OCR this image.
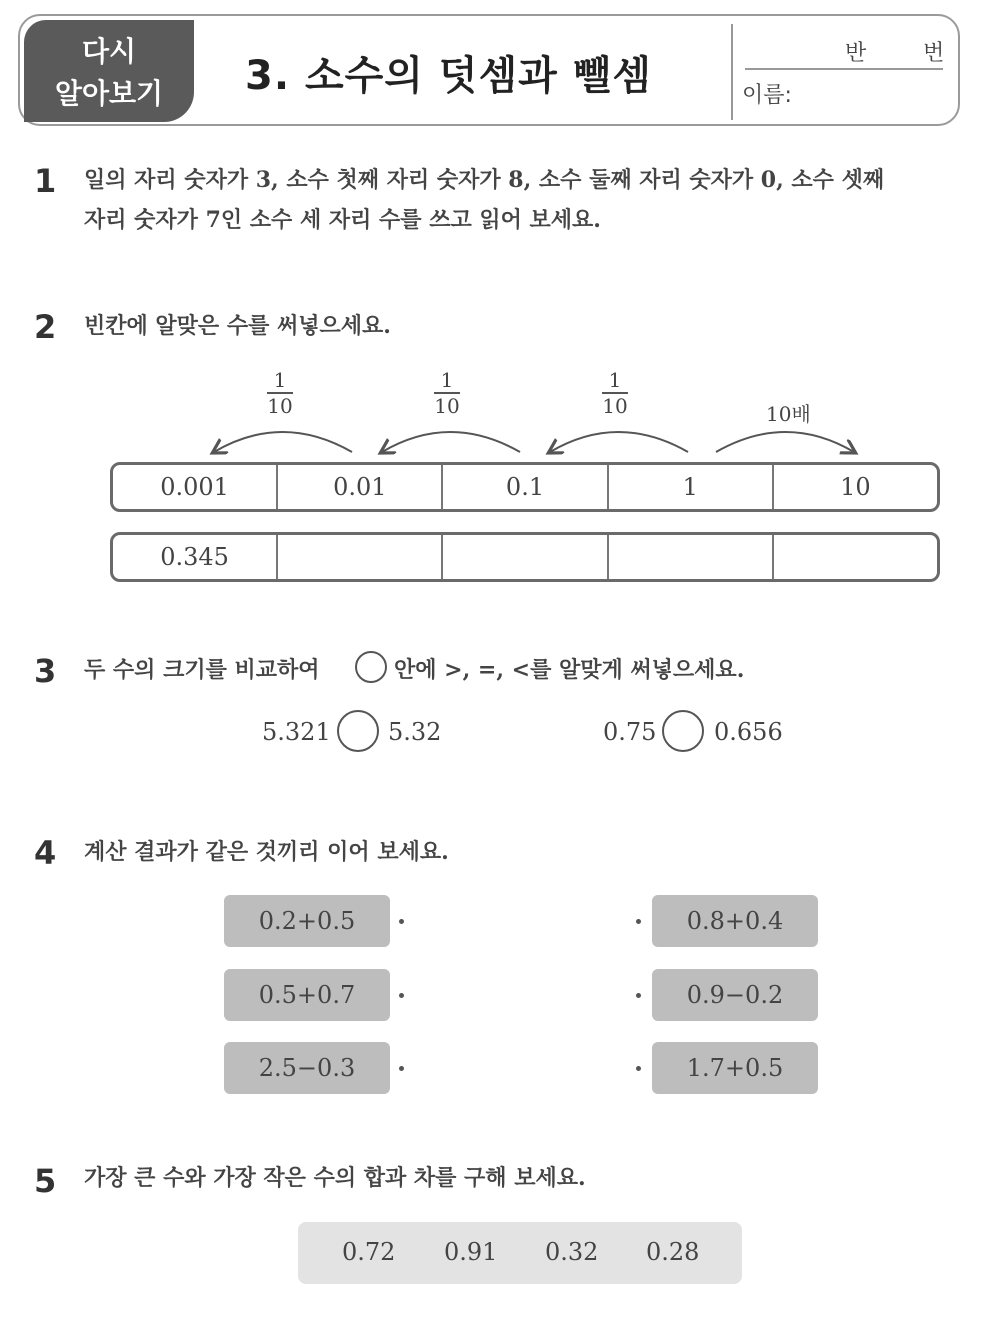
다시
알아보기	3. 소수의 덧셈과 뺄셈	반	번
이름:
1 일의 자리 숫자가 3, 소수 첫째 자리 숫자가 8, 소수 둘째 자리 숫자가 0, 소수 셋째
자리 숫자가 7인 소수 세 자리 수를 쓰고 읽어 보세요.
2 빈칸에 알맞은 수를 써넣으세요.
$\frac{1}{10}$	$\frac{1}{10}$	$\frac{1}{10}$	10배
0.001	0.01	0.1	1	10
0.345
3 두 수의 크기를 비교하여	안에 >, =, <를 알맞게 써넣으세요.
5.321 5.32	0.75 0.656
4 계산 결과가 같은 것끼리 이어 보세요.
0.2+0.5
0.5+0.7
2.5−0.3
0.8+0.4
0.9−0.2
1.7+0.5
5 가장 큰 수와 가장 작은 수의 합과 차를 구해 보세요.
0.72 0.91 0.32 0.28
